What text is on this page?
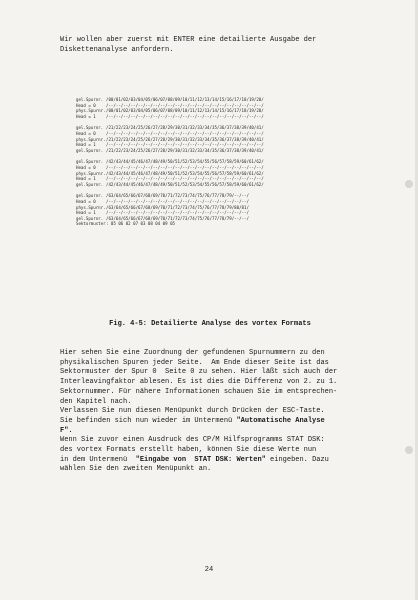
Wir wollen aber zuerst mit ENTER eine detailierte Ausgabe der

Diskettenanalyse anfordern.

gel.Spurnr. /00/01/02/03/04/05/06/07/08/09/10/11/12/13/14/15/16/17/18/19/20/
Head = 0	/--/--/--/--/--/--/--/--/--/--/--/--/--/--/--/--/--/--/--/--/--/
phys.Spurnr. /00/01/02/03/04/05/06/07/08/09/10/11/12/13/14/15/16/17/18/19/20/
Head = 1	/--/--/--/--/--/--/--/--/--/--/--/--/--/--/--/--/--/--/--/--/--/
gel.Spurnr. /21/22/23/24/25/26/27/28/29/30/31/32/33/34/35/36/37/38/39/40/41/
Head = 0	/--/--/--/--/--/--/--/--/--/--/--/--/--/--/--/--/--/--/--/--/--/
phys.Spurnr. /21/22/23/24/25/26/27/28/29/30/31/32/33/34/35/36/37/38/39/40/41/
Head = 1	/--/--/--/--/--/--/--/--/--/--/--/--/--/--/--/--/--/--/--/--/--/
gel.Spurnr. /21/22/23/24/25/26/27/28/29/30/31/32/33/34/35/36/37/38/39/40/41/
gel.Spurnr. /42/43/44/45/46/47/48/49/50/51/52/53/54/55/56/57/58/59/60/61/62/
Head = 0	/--/--/--/--/--/--/--/--/--/--/--/--/--/--/--/--/--/--/--/--/--/
phys.Spurnr. /42/43/44/45/46/47/48/49/50/51/52/53/54/55/56/57/58/59/60/61/62/
Head = 1	/--/--/--/--/--/--/--/--/--/--/--/--/--/--/--/--/--/--/--/--/--/
gel.Spurnr. /42/43/44/45/46/47/48/49/50/51/52/53/54/55/56/57/58/59/60/61/62/
gel.Spurnr. /63/64/65/66/67/68/69/70/71/72/73/74/75/76/77/78/79/--/--/
Head = 0	/--/--/--/--/--/--/--/--/--/--/--/--/--/--/--/--/--/--/--/
phys.Spurnr. /63/64/65/66/67/68/69/70/71/72/73/74/75/76/77/78/79/80/81/
Head = 1	/--/--/--/--/--/--/--/--/--/--/--/--/--/--/--/--/--/--/--/
gel.Spurnr. /63/64/65/66/67/68/69/70/71/72/73/74/75/76/77/78/79/--/--/
Sektormuster : 05 06 02 07 03 08 04 09 05
Fig. 4-5: Detailierte Analyse des vortex Formats

Hier sehen Sie eine Zuordnung der gefundenen Spurnummern zu den

physikalischen Spuren jeder Seite.  Am Ende dieser Seite ist das

Sektormuster der Spur 0  Seite 0 zu sehen. Hier läßt sich auch der

Interleavingfaktor ablesen. Es ist dies die Differenz von 2. zu 1.

Sektornummer. Für nähere Informationen schauen Sie im entsprechen-

den Kapitel nach.

Verlassen Sie nun diesen Menüpunkt durch Drücken der ESC-Taste.

Sie befinden sich nun wieder im Untermenü "Automatische Analyse

F".

Wenn Sie zuvor einen Ausdruck des CP/M Hilfsprogramms STAT DSK:

des vortex Formats erstellt haben, können Sie diese Werte nun

in dem Untermenü  "Eingabe von  STAT DSK: Werten" eingeben. Dazu

wählen Sie den zweiten Menüpunkt an.

24
